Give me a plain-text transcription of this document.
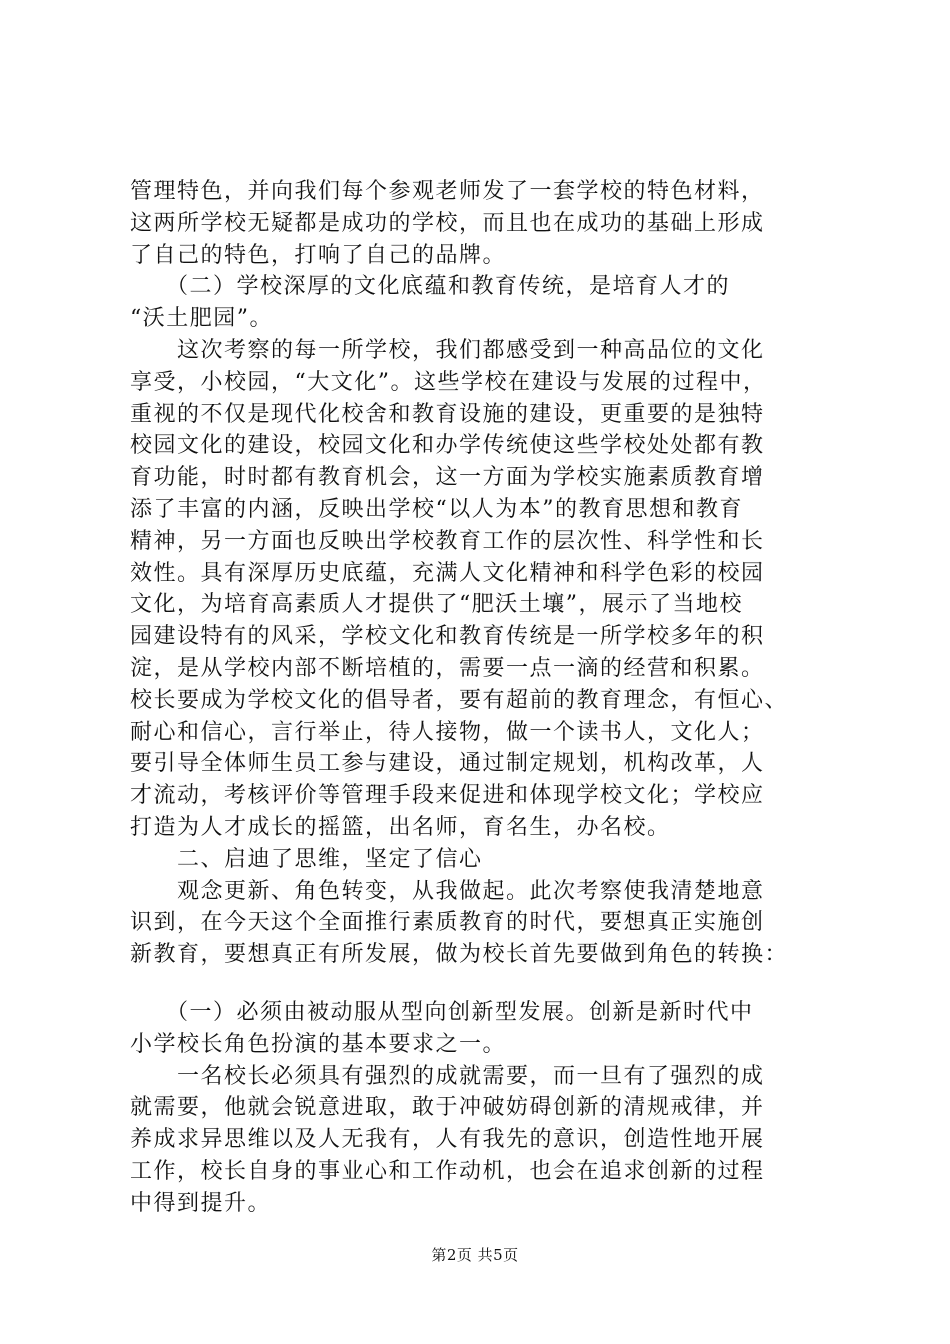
管理特色，并向我们每个参观老师发了一套学校的特色材料，
这两所学校无疑都是成功的学校，而且也在成功的基础上形成
了自己的特色，打响了自己的品牌。
　　（二）学校深厚的文化底蕴和教育传统，是培育人才的
“沃土肥园”。
　　这次考察的每一所学校，我们都感受到一种高品位的文化
享受，小校园，“大文化”。这些学校在建设与发展的过程中，
重视的不仅是现代化校舍和教育设施的建设，更重要的是独特
校园文化的建设，校园文化和办学传统使这些学校处处都有教
育功能，时时都有教育机会，这一方面为学校实施素质教育增
添了丰富的内涵，反映出学校“以人为本”的教育思想和教育
精神，另一方面也反映出学校教育工作的层次性、科学性和长
效性。具有深厚历史底蕴，充满人文化精神和科学色彩的校园
文化，为培育高素质人才提供了“肥沃土壤”，展示了当地校
园建设特有的风采，学校文化和教育传统是一所学校多年的积
淀，是从学校内部不断培植的，需要一点一滴的经营和积累。
校长要成为学校文化的倡导者，要有超前的教育理念，有恒心、
耐心和信心，言行举止，待人接物，做一个读书人，文化人；
要引导全体师生员工参与建设，通过制定规划，机构改革，人
才流动，考核评价等管理手段来促进和体现学校文化；学校应
打造为人才成长的摇篮，出名师，育名生，办名校。
　　二、启迪了思维，坚定了信心
　　观念更新、角色转变，从我做起。此次考察使我清楚地意
识到，在今天这个全面推行素质教育的时代，要想真正实施创
新教育，要想真正有所发展，做为校长首先要做到角色的转换：
　　（一）必须由被动服从型向创新型发展。创新是新时代中
小学校长角色扮演的基本要求之一。
　　一名校长必须具有强烈的成就需要，而一旦有了强烈的成
就需要，他就会锐意进取，敢于冲破妨碍创新的清规戒律，并
养成求异思维以及人无我有，人有我先的意识，创造性地开展
工作，校长自身的事业心和工作动机，也会在追求创新的过程
中得到提升。
第2页 共5页
